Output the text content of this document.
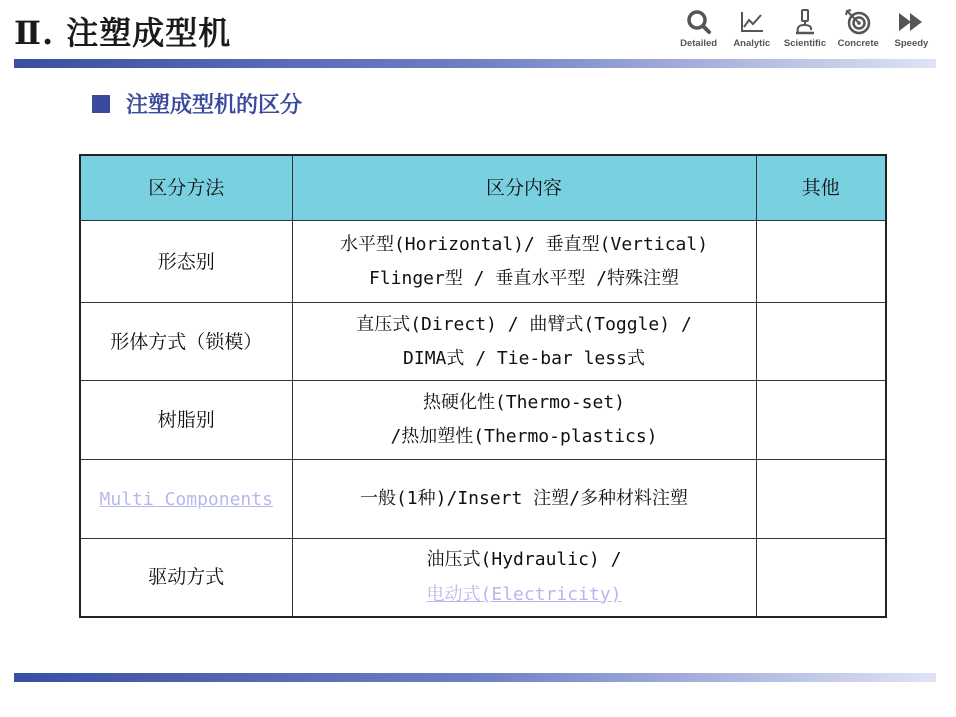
Ⅱ. 注塑成型机	Detailed Analytic Scientific Concrete Speedy
注塑成型机的区分
区分方法	区分内容	其他
形态别	水平型(Horizontal)/ 垂直型(Vertical)
Flinger型 / 垂直水平型 /特殊注塑	

形体方式（锁模）	直压式(Direct) / 曲臂式(Toggle) /
DIMA式 / Tie-bar less式	

树脂别	热硬化性(Thermo-set)
/热加塑性(Thermo-plastics)	

Multi Components	一般(1种)/Insert 注塑/多种材料注塑	

驱动方式	油压式(Hydraulic) /
电动式(Electricity)	
